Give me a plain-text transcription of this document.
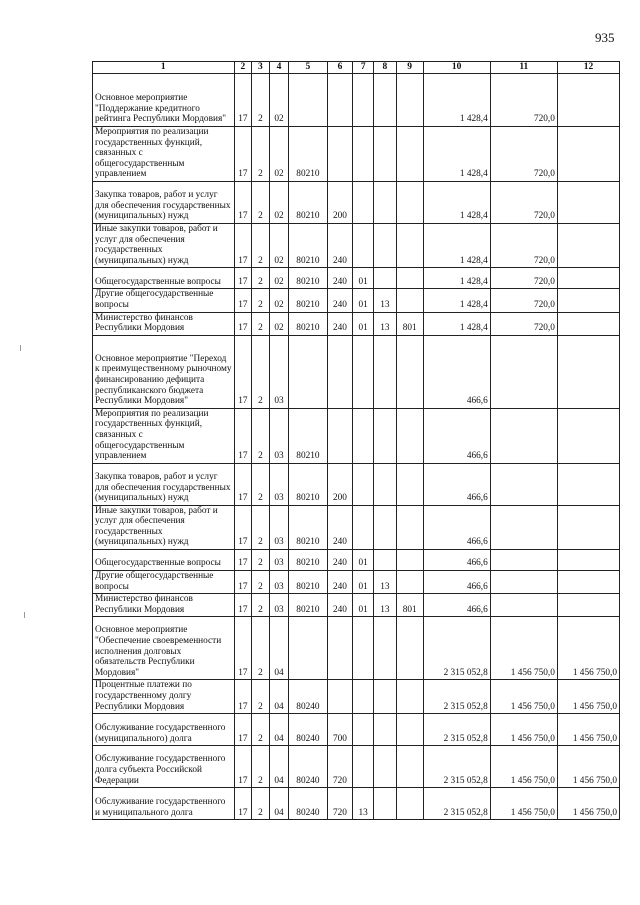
935
1	2	3	4	5	6	7	8	9	10	11	12
Основное мероприятие "Поддержание кредитного рейтинга Республики Мордовия"	17	2	02						1 428,4	720,0	
Мероприятия по реализации государственных функций, связанных с общегосударственным управлением	17	2	02	80210					1 428,4	720,0	
Закупка товаров, работ и услуг для обеспечения государственных (муниципальных) нужд	17	2	02	80210	200				1 428,4	720,0	
Иные закупки товаров, работ и услуг для обеспечения государственных (муниципальных) нужд	17	2	02	80210	240				1 428,4	720,0	
Общегосударственные вопросы	17	2	02	80210	240	01			1 428,4	720,0	
Другие общегосударственные вопросы	17	2	02	80210	240	01	13		1 428,4	720,0	
Министерство финансов Республики Мордовия	17	2	02	80210	240	01	13	801	1 428,4	720,0	
Основное мероприятие "Переход к преимущественному рыночному финансированию дефицита республиканского бюджета Республики Мордовия"	17	2	03						466,6		
Мероприятия по реализации государственных функций, связанных с общегосударственным управлением	17	2	03	80210					466,6		
Закупка товаров, работ и услуг для обеспечения государственных (муниципальных) нужд	17	2	03	80210	200				466,6		
Иные закупки товаров, работ и услуг для обеспечения государственных (муниципальных) нужд	17	2	03	80210	240				466,6		
Общегосударственные вопросы	17	2	03	80210	240	01			466,6		
Другие общегосударственные вопросы	17	2	03	80210	240	01	13		466,6		
Министерство финансов Республики Мордовия	17	2	03	80210	240	01	13	801	466,6		
Основное мероприятие "Обеспечение своевременности исполнения долговых обязательств Республики Мордовия"	17	2	04						2 315 052,8	1 456 750,0	1 456 750,0
Процентные платежи по государственному долгу Республики Мордовия	17	2	04	80240					2 315 052,8	1 456 750,0	1 456 750,0
Обслуживание государственного (муниципального) долга	17	2	04	80240	700				2 315 052,8	1 456 750,0	1 456 750,0
Обслуживание государственного долга субъекта Российской Федерации	17	2	04	80240	720				2 315 052,8	1 456 750,0	1 456 750,0
Обслуживание государственного и муниципального долга	17	2	04	80240	720	13			2 315 052,8	1 456 750,0	1 456 750,0
